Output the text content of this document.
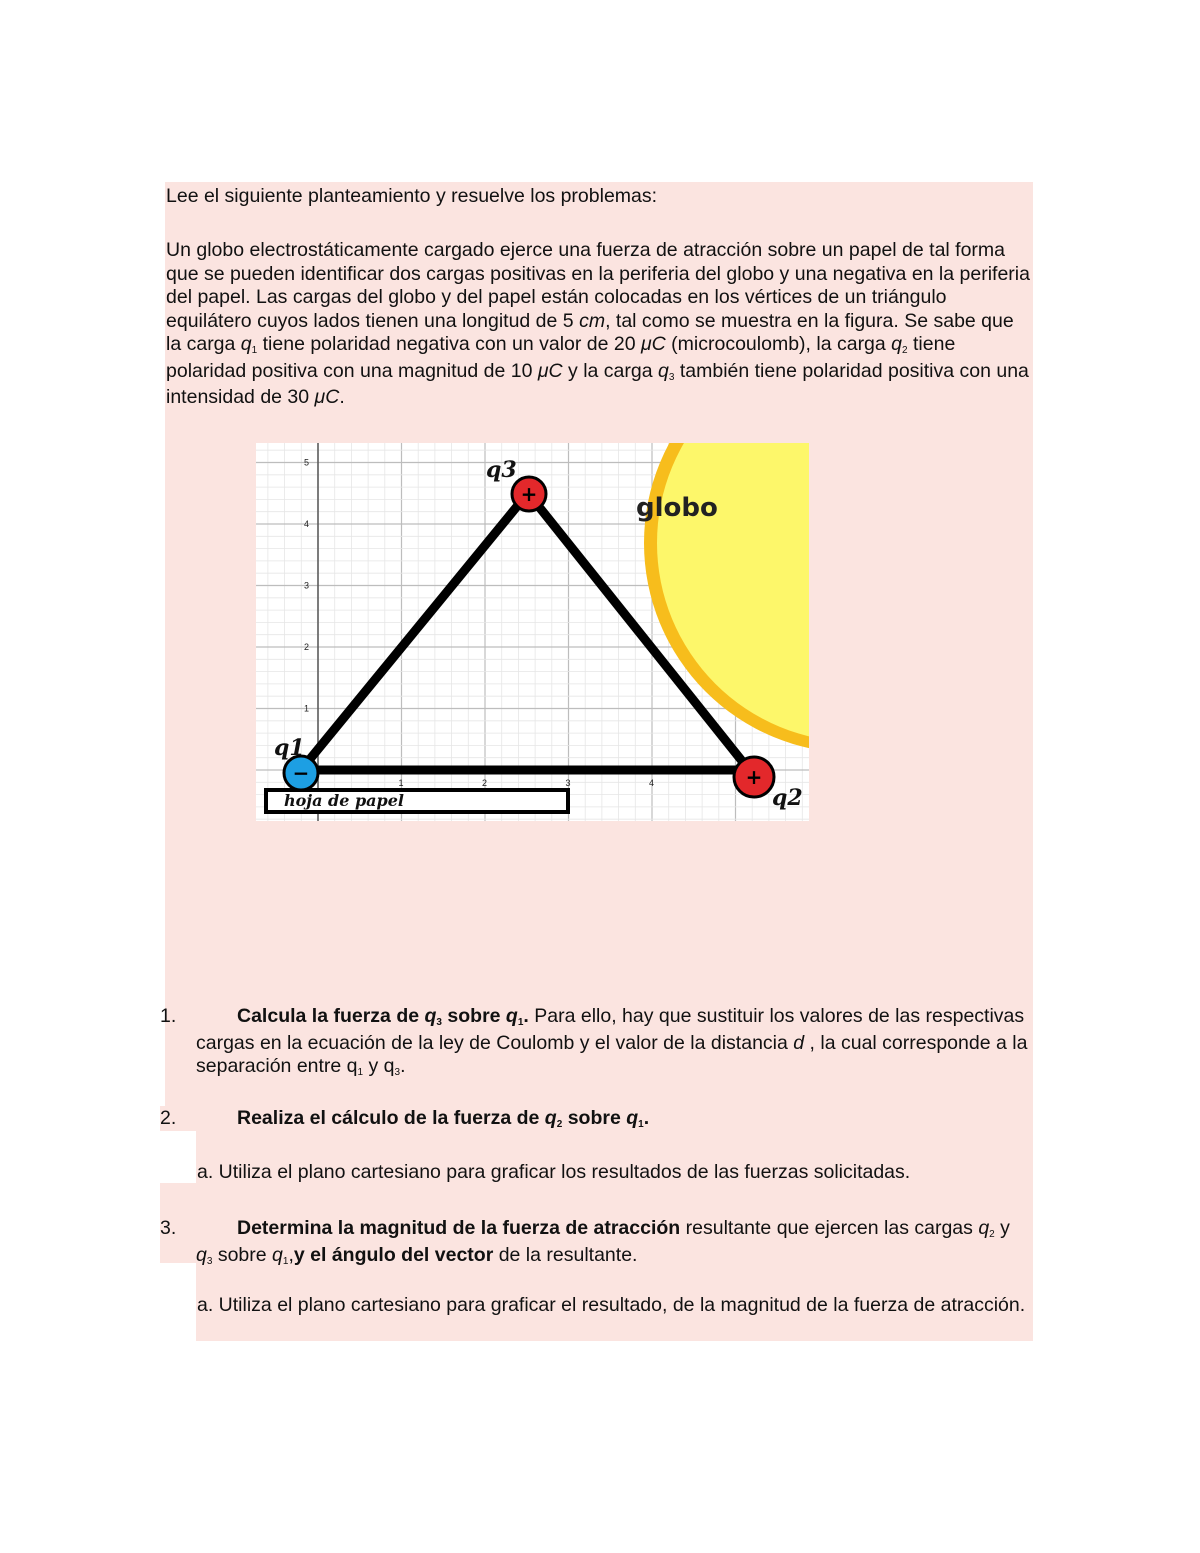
Lee el siguiente planteamiento y resuelve los problemas:

Un globo electrostáticamente cargado ejerce una fuerza de atracción sobre un papel de tal forma que se pueden identificar dos cargas positivas en la periferia del globo y una negativa en la periferia del papel. Las cargas del globo y del papel están colocadas en los vértices de un triángulo equilátero cuyos lados tienen una longitud de 5 cm, tal como se muestra en la figura. Se sabe que la carga q1 tiene polaridad negativa con un valor de 20 μC (microcoulomb), la carga q2 tiene polaridad positiva con una magnitud de 10 μC y la carga q3 también tiene polaridad positiva con una intensidad de 30 μC.

globo
1	2	3	4
1
2
3
4
5
hoja de papel
−
+
+
q1
q3
q2
1.	Calcula la fuerza de q3 sobre q1. Para ello, hay que sustituir los valores de las respectivas cargas en la ecuación de la ley de Coulomb y el valor de la distancia d , la cual corresponde a la separación entre q1 y q3.

2.	Realiza el cálculo de la fuerza de q2 sobre q1.

a. Utiliza el plano cartesiano para graficar los resultados de las fuerzas solicitadas.

3.	Determina la magnitud de la fuerza de atracción resultante que ejercen las cargas q2 y q3 sobre q1,y el ángulo del vector de la resultante.

a. Utiliza el plano cartesiano para graficar el resultado, de la magnitud de la fuerza de atracción.
